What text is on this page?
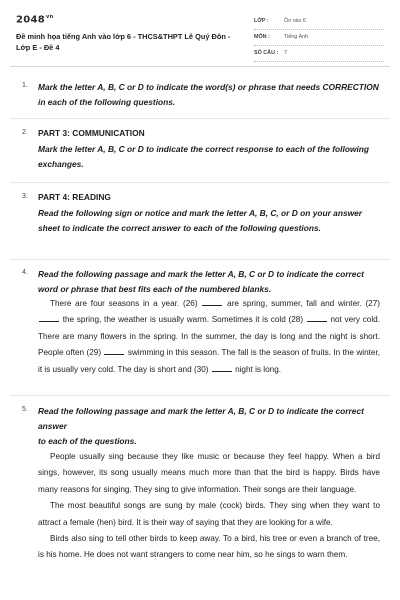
$2048^{vn}$
Đề minh họa tiếng Anh vào lớp 6 - THCS&THPT Lê Quý Đôn - Lớp E - Đề 4
LỚP :	Ôn vào 6
MÔN :	Tiếng Anh
SỐ CÂU : 7
1. Mark the letter A, B, C or D to indicate the word(s) or phrase that needs CORRECTION in each of the following questions.
2. PART 3: COMMUNICATION
Mark the letter A, B, C or D to indicate the correct response to each of the following exchanges.
3. PART 4: READING
Read the following sign or notice and mark the letter A, B, C, or D on your answer sheet to indicate the correct answer to each of the following questions.
4. Read the following passage and mark the letter A, B, C or D to indicate the correct word or phrase that best fits each of the numbered blanks.

There are four seasons in a year. (26)	are spring, summer, fall and winter. (27)  the spring, the weather is usually warm. Sometimes it is cold (28)	not very cold. There are many flowers in the spring. In the summer, the day is long and the night is short. People often (29)	swimming in this season. The fall is the season of fruits. In the winter, it is usually very cold. The day is short and (30)	night is long.

5. Read the following passage and mark the letter A, B, C or D to indicate the correct answer
to each of the questions.

People usually sing because they like music or because they feel happy. When a bird sings, however, its song usually means much more than that the bird is happy. Birds have many reasons for singing. They sing to give information. Their songs are their language.

The most beautiful songs are sung by male (cock) birds. They sing when they want to attract a female (hen) bird. It is their way of saying that they are looking for a wife.

Birds also sing to tell other birds to keep away. To a bird, his tree or even a branch of tree, is his home. He does not want strangers to come near him, so he sings to warn them.
